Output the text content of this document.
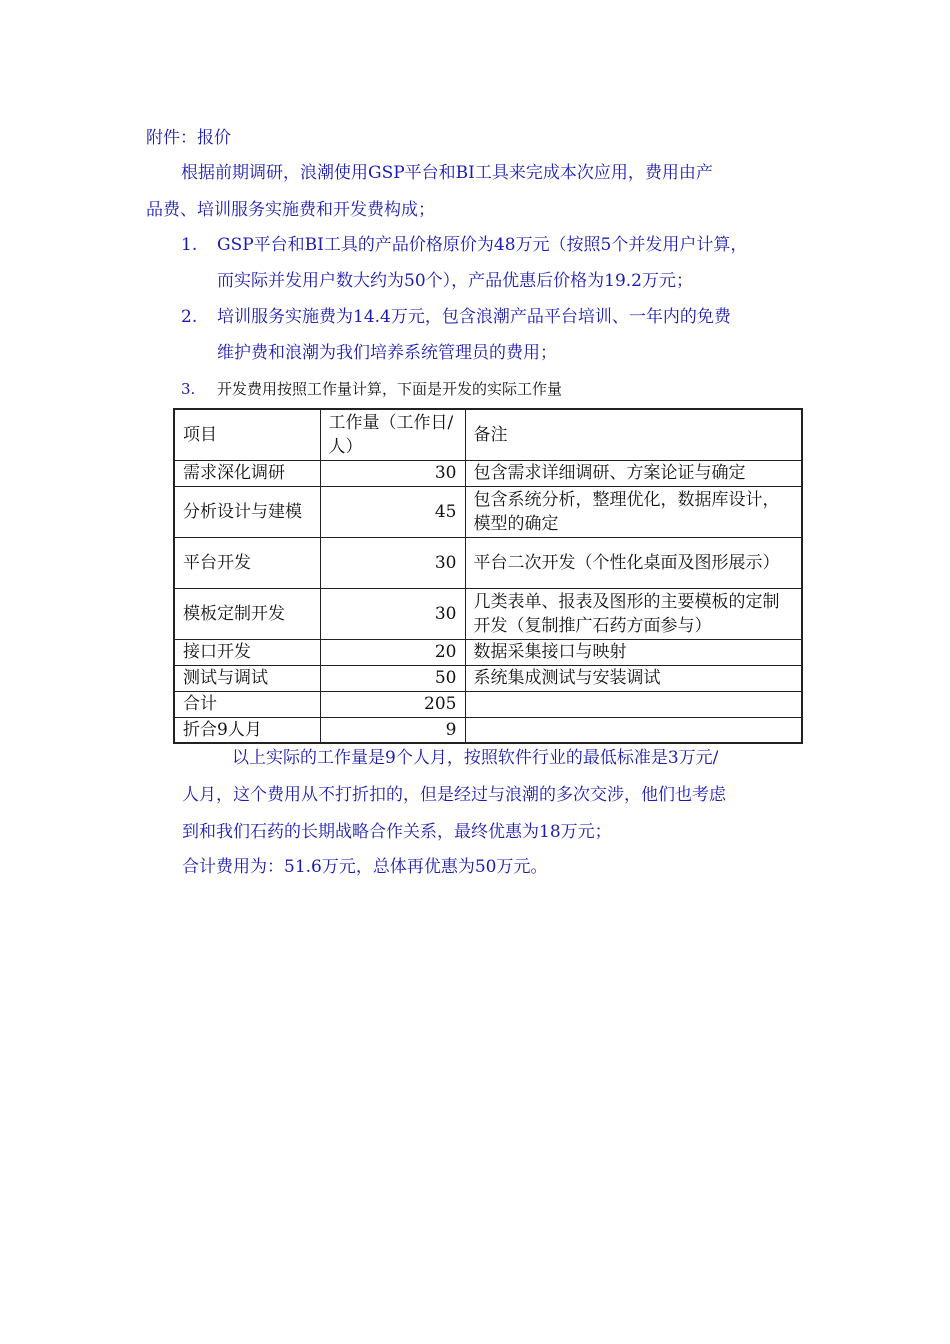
附件：报价
根据前期调研，浪潮使用GSP平台和BI工具来完成本次应用，费用由产
品费、培训服务实施费和开发费构成；
1. GSP平台和BI工具的产品价格原价为48万元（按照5个并发用户计算，
而实际并发用户数大约为50个），产品优惠后价格为19.2万元；
2. 培训服务实施费为14.4万元，包含浪潮产品平台培训、一年内的免费
维护费和浪潮为我们培养系统管理员的费用；
3. 开发费用按照工作量计算，下面是开发的实际工作量
项目	工作量（工作日/人）	备注
需求深化调研	30	包含需求详细调研、方案论证与确定
分析设计与建模	45	包含系统分析，整理优化，数据库设计，模型的确定
平台开发	30	平台二次开发（个性化桌面及图形展示）
模板定制开发	30	几类表单、报表及图形的主要模板的定制开发（复制推广石药方面参与）
接口开发	20	数据采集接口与映射
测试与调试	50	系统集成测试与安装调试
合计	205	
折合9人月	9	
以上实际的工作量是9个人月，按照软件行业的最低标准是3万元/
人月，这个费用从不打折扣的，但是经过与浪潮的多次交涉，他们也考虑
到和我们石药的长期战略合作关系，最终优惠为18万元；
合计费用为：51.6万元，总体再优惠为50万元。
